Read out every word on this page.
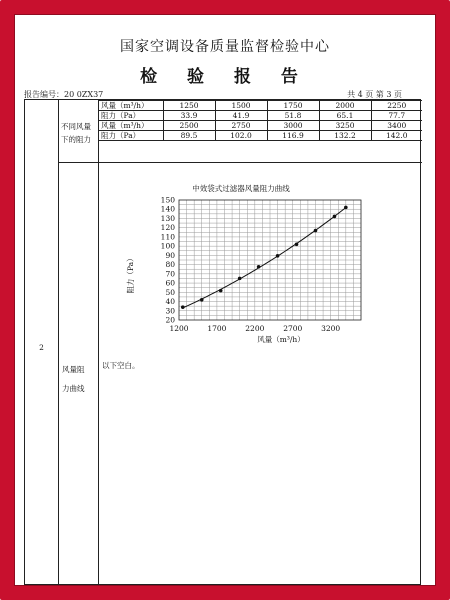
国家空调设备质量监督检验中心
检 验 报 告
报告编号：20 0ZX37	共 4 页 第 3 页
不同风量
下的阻力
风量（m³/h）	1250	1500	1750	2000	2250
阻力（Pa）	33.9	41.9	51.8	65.1	77.7
风量（m³/h）	2500	2750	3000	3250	3400
阻力（Pa）	89.5	102.0	116.9	132.2	142.0
2
风量阻
力曲线
以下空白。
中效袋式过滤器风量阻力曲线
风量（m³/h）
阻力（Pa）
1200	1700	2200	2700	3200
20
30
40
50
60
70
80
90
100
110
120
130
140
150
